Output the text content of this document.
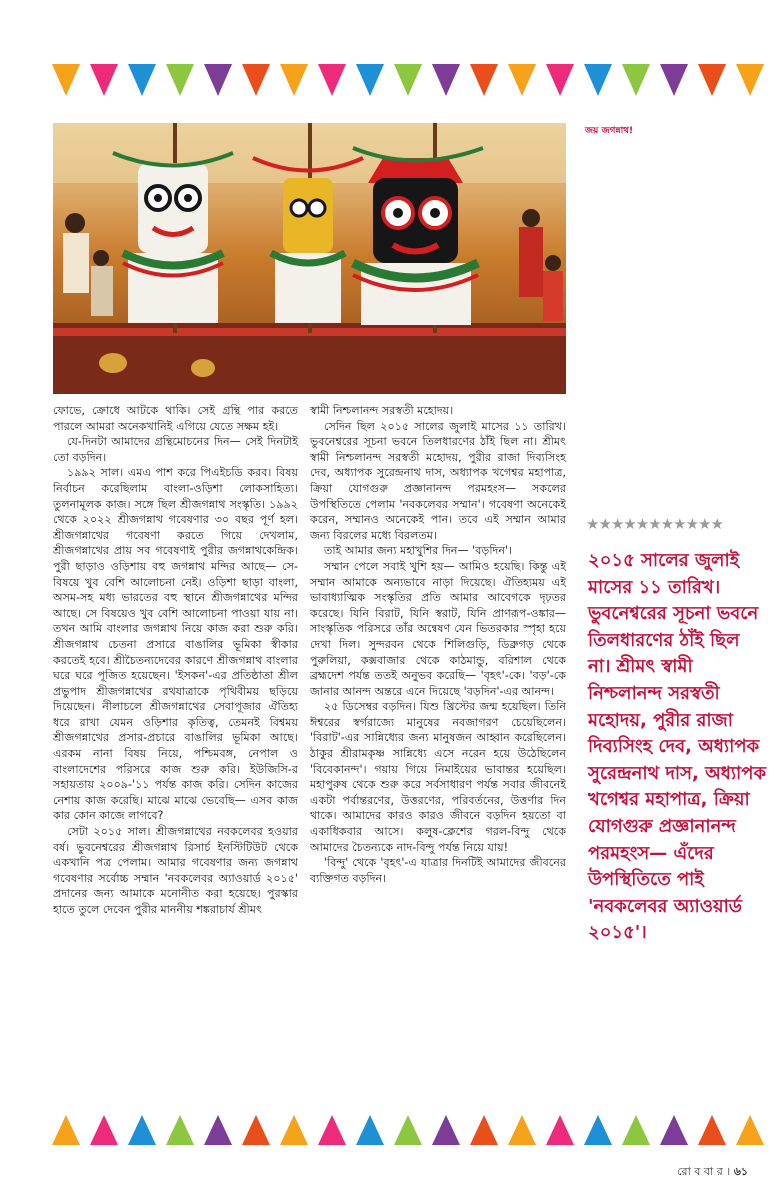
জয় জগন্নাথ!

ফোভে, ক্রোধে আটকে থাকি। সেই গ্রন্থি পার করতে পারলে আমরা অনেকখানিই এগিয়ে যেতে সক্ষম হই।

যে-দিনটা আমাদের গ্রন্থিমোচনের দিন— সেই দিনটাই তো বড়দিন।

১৯৯২ সাল। এমএ পাশ করে পিএইচডি করব। বিষয় নির্বাচন করেছিলাম বাংলা-ওড়িশা লোকসাহিত্য। তুলনামূলক কাজ। সঙ্গে ছিল শ্রীজগন্নাথ সংস্কৃতি। ১৯৯২ থেকে ২০২২ শ্রীজগন্নাথ গবেষণার ৩০ বছর পূর্ণ হল। শ্রীজগন্নাথের গবেষণা করতে গিয়ে দেখলাম, শ্রীজগন্নাথের প্রায় সব গবেষণাই পুরীর জগন্নাথকেন্দ্রিক। পুরী ছাড়াও ওড়িশায় বহু জগন্নাথ মন্দির আছে— সে-বিষয়ে খুব বেশি আলোচনা নেই। ওড়িশা ছাড়া বাংলা, অসম-সহ মধ্য ভারতের বহু স্থানে শ্রীজগন্নাথের মন্দির আছে। সে বিষয়েও খুব বেশি আলোচনা পাওয়া যায় না। তখন আমি বাংলার জগন্নাথ নিয়ে কাজ করা শুরু করি। শ্রীজগন্নাথ চেতনা প্রসারে বাঙালির ভূমিকা স্বীকার করতেই হবে। শ্রীচৈতন্যদেবের কারণে শ্রীজগন্নাথ বাংলার ঘরে ঘরে পূজিত হয়েছেন। 'ইসকন'-এর প্রতিষ্ঠাতা শ্রীল প্রভুপাদ শ্রীজগন্নাথের রথযাত্রাকে পৃথিবীময় ছড়িয়ে দিয়েছেন। নীলাচলে শ্রীজগন্নাথের সেবাপূজার ঐতিহ্য ধরে রাখা যেমন ওড়িশার কৃতিত্ব, তেমনই বিশ্বময় শ্রীজগন্নাথের প্রসার-প্রচারে বাঙালির ভূমিকা আছে। এরকম নানা বিষয় নিয়ে, পশ্চিমবঙ্গ, নেপাল ও বাংলাদেশের পরিসরে কাজ শুরু করি। ইউজিসি-র সহায়তায় ২০০৯-'১১ পর্যন্ত কাজ করি। সেদিন কাজের নেশায় কাজ করেছি। মাঝে মাঝে ভেবেছি— এসব কাজ কার কোন কাজে লাগবে?

সেটা ২০১৫ সাল। শ্রীজগন্নাথের নবকলেবর হওয়ার বর্ষ। ভুবনেশ্বরের শ্রীজগন্নাথ রিসার্চ ইনস্টিটিউট থেকে একখানি পত্র পেলাম। আমার গবেষণার জন্য জগন্নাথ গবেষণার সর্বোচ্চ সম্মান 'নবকলেবর অ্যাওয়ার্ড ২০১৫' প্রদানের জন্য আমাকে মনোনীত করা হয়েছে। পুরস্কার হাতে তুলে দেবেন পুরীর মাননীয় শঙ্করাচার্য শ্রীমৎ

স্বামী নিশ্চলানন্দ সরস্বতী মহোদয়।

সেদিন ছিল ২০১৫ সালের জুলাই মাসের ১১ তারিখ। ভুবনেশ্বরের সূচনা ভবনে তিলধারণের ঠাঁই ছিল না। শ্রীমৎ স্বামী নিশ্চলানন্দ সরস্বতী মহোদয়, পুরীর রাজা দিব্যসিংহ দেব, অধ্যাপক সুরেন্দ্রনাথ দাস, অধ্যাপক খগেশ্বর মহাপাত্র, ক্রিয়া যোগগুরু প্রজ্ঞানানন্দ পরমহংস— সকলের উপস্থিতিতে পেলাম 'নবকলেবর সম্মান'। গবেষণা অনেকেই করেন, সম্মানও অনেকেই পান। তবে এই সম্মান আমার জন্য বিরলের মধ্যে বিরলতম।

তাই আমার জন্য মহাখুশির দিন— 'বড়দিন'।

সম্মান পেলে সবাই খুশি হয়— আমিও হয়েছি। কিন্তু এই সম্মান আমাকে অন্যভাবে নাড়া দিয়েছে। ঐতিহ্যময় এই ভাবাধ্যাত্মিক সংস্কৃতির প্রতি আমার আবেগকে দৃঢ়তর করেছে। যিনি বিরাট, যিনি স্বরাট, যিনি প্রাণরূপ-ওঙ্কার— সাংস্কৃতিক পরিসরে তাঁর অন্বেষণ যেন ভিতরকার স্পৃহা হয়ে দেখা দিল। সুন্দরবন থেকে শিলিগুড়ি, ডিব্রুগড় থেকে পুরুলিয়া, কক্সবাজার থেকে কাঠমান্ডু, বরিশাল থেকে ব্রহ্মদেশ পর্যন্ত ততই অনুভব করেছি— 'বৃহৎ'-কে। 'বড়'-কে জানার আনন্দ অন্তরে এনে দিয়েছে 'বড়দিন'-এর আনন্দ।

২৫ ডিসেম্বর বড়দিন। যিশু খ্রিস্টের জন্ম হয়েছিল। তিনি ঈশ্বরের স্বর্গরাজ্যে মানুষের নবজাগরণ চেয়েছিলেন। 'বিরাট'-এর সান্নিধ্যের জন্য মানুষজন আহ্বান করেছিলেন। ঠাকুর শ্রীরামকৃষ্ণ সান্নিধ্যে এসে নরেন হয়ে উঠেছিলেন 'বিবেকানন্দ'। গয়ায় গিয়ে নিমাইয়ের ভাবান্তর হয়েছিল। মহাপুরুষ থেকে শুরু করে সর্বসাধারণ পর্যন্ত সবার জীবনেই একটা পর্বান্তরণের, উত্তরণের, পরিবর্তনের, উত্তর্ণার দিন থাকে। আমাদের কারও কারও জীবনে বড়দিন হয়তো বা একাধিকবার আসে। কলুষ-ক্লেশের গরল-বিন্দু থেকে আমাদের চৈতন্যকে নাদ-বিন্দু পর্যন্ত নিয়ে যায়!

'বিন্দু' থেকে 'বৃহৎ'-এ যাত্রার দিনটিই আমাদের জীবনের ব্যক্তিগত বড়দিন।

★★★★★★★★★★★
২০১৫ সালের জুলাই মাসের ১১ তারিখ। ভুবনেশ্বরের সূচনা ভবনে তিলধারণের ঠাঁই ছিল না। শ্রীমৎ স্বামী নিশ্চলানন্দ সরস্বতী মহোদয়, পুরীর রাজা দিব্যসিংহ দেব, অধ্যাপক সুরেন্দ্রনাথ দাস, অধ্যাপক খগেশ্বর মহাপাত্র, ক্রিয়া যোগগুরু প্রজ্ঞানানন্দ পরমহংস— এঁদের উপস্থিতিতে পাই 'নবকলেবর অ্যাওয়ার্ড ২০১৫'।
রো ব বা র । ৬১
